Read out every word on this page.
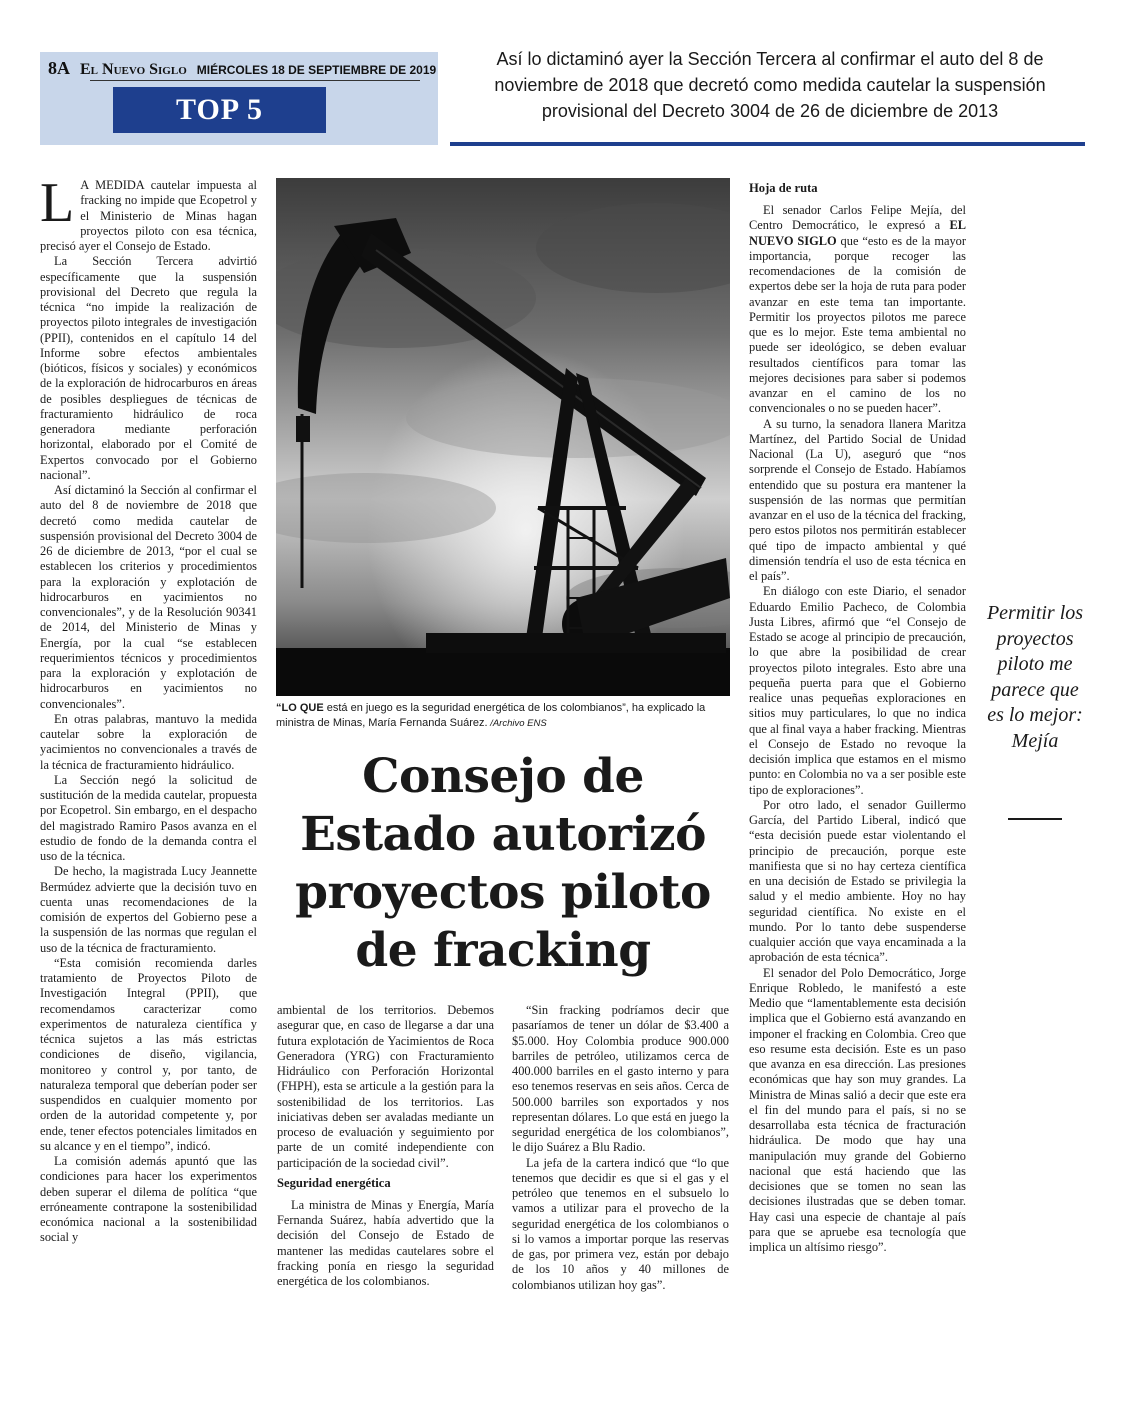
8A El Nuevo Siglo MIÉRCOLES 18 DE SEPTIEMBRE DE 2019
TOP 5
Así lo dictaminó ayer la Sección Tercera al confirmar el auto del 8 de noviembre de 2018 que decretó como medida cautelar la suspensión provisional del Decreto 3004 de 26 de diciembre de 2013

L A MEDIDA cautelar impuesta al fracking no impide que Ecopetrol y el Ministerio de Minas hagan proyectos piloto con esa técnica, precisó ayer el Consejo de Estado.

La Sección Tercera advirtió específicamente que la suspensión provisional del Decreto que regula la técnica “no impide la realización de proyectos piloto integrales de investigación (PPII), contenidos en el capítulo 14 del Informe sobre efectos ambientales (bióticos, físicos y sociales) y económicos de la exploración de hidrocarburos en áreas de posibles despliegues de técnicas de fracturamiento hidráulico de roca generadora mediante perforación horizontal, elaborado por el Comité de Expertos convocado por el Gobierno nacional”.

Así dictaminó la Sección al confirmar el auto del 8 de noviembre de 2018 que decretó como medida cautelar de suspensión provisional del Decreto 3004 de 26 de diciembre de 2013, “por el cual se establecen los criterios y procedimientos para la exploración y explotación de hidrocarburos en yacimientos no convencionales”, y de la Resolución 90341 de 2014, del Ministerio de Minas y Energía, por la cual “se establecen requerimientos técnicos y procedimientos para la exploración y explotación de hidrocarburos en yacimientos no convencionales”.

En otras palabras, mantuvo la medida cautelar sobre la exploración de yacimientos no convencionales a través de la técnica de fracturamiento hidráulico.

La Sección negó la solicitud de sustitución de la medida cautelar, propuesta por Ecopetrol. Sin embargo, en el despacho del magistrado Ramiro Pasos avanza en el estudio de fondo de la demanda contra el uso de la técnica.

De hecho, la magistrada Lucy Jeannette Bermúdez advierte que la decisión tuvo en cuenta unas recomendaciones de la comisión de expertos del Gobierno pese a la suspensión de las normas que regulan el uso de la técnica de fracturamiento.

“Esta comisión recomienda darles tratamiento de Proyectos Piloto de Investigación Integral (PPII), que recomendamos caracterizar como experimentos de naturaleza científica y técnica sujetos a las más estrictas condiciones de diseño, vigilancia, monitoreo y control y, por tanto, de naturaleza temporal que deberían poder ser suspendidos en cualquier momento por orden de la autoridad competente y, por ende, tener efectos potenciales limitados en su alcance y en el tiempo”, indicó.

La comisión además apuntó que las condiciones para hacer los experimentos deben superar el dilema de política “que erróneamente contrapone la sostenibilidad económica nacional a la sostenibilidad social y

“LO QUE está en juego es la seguridad energética de los colombianos”, ha explicado la ministra de Minas, María Fernanda Suárez. /Archivo ENS
Consejo de Estado autorizó proyectos piloto de fracking

ambiental de los territorios. Debemos asegurar que, en caso de llegarse a dar una futura explotación de Yacimientos de Roca Generadora (YRG) con Fracturamiento Hidráulico con Perforación Horizontal (FHPH), esta se articule a la gestión para la sostenibilidad de los territorios. Las iniciativas deben ser avaladas mediante un proceso de evaluación y seguimiento por parte de un comité independiente con participación de la sociedad civil”.

Seguridad energética

La ministra de Minas y Energía, María Fernanda Suárez, había advertido que la decisión del Consejo de Estado de mantener las medidas cautelares sobre el fracking ponía en riesgo la seguridad energética de los colombianos.

“Sin fracking podríamos decir que pasaríamos de tener un dólar de $3.400 a $5.000. Hoy Colombia produce 900.000 barriles de petróleo, utilizamos cerca de 400.000 barriles en el gasto interno y para eso tenemos reservas en seis años. Cerca de 500.000 barriles son exportados y nos representan dólares. Lo que está en juego la seguridad energética de los colombianos”, le dijo Suárez a Blu Radio.

La jefa de la cartera indicó que “lo que tenemos que decidir es que si el gas y el petróleo que tenemos en el subsuelo lo vamos a utilizar para el provecho de la seguridad energética de los colombianos o si lo vamos a importar porque las reservas de gas, por primera vez, están por debajo de los 10 años y 40 millones de colombianos utilizan hoy gas”.

Hoja de ruta

El senador Carlos Felipe Mejía, del Centro Democrático, le expresó a EL NUEVO SIGLO que “esto es de la mayor importancia, porque recoger las recomendaciones de la comisión de expertos debe ser la hoja de ruta para poder avanzar en este tema tan importante. Permitir los proyectos pilotos me parece que es lo mejor. Este tema ambiental no puede ser ideológico, se deben evaluar resultados científicos para tomar las mejores decisiones para saber si podemos avanzar en el camino de los no convencionales o no se pueden hacer”.

A su turno, la senadora llanera Maritza Martínez, del Partido Social de Unidad Nacional (La U), aseguró que “nos sorprende el Consejo de Estado. Habíamos entendido que su postura era mantener la suspensión de las normas que permitían avanzar en el uso de la técnica del fracking, pero estos pilotos nos permitirán establecer qué tipo de impacto ambiental y qué dimensión tendría el uso de esta técnica en el país”.

En diálogo con este Diario, el senador Eduardo Emilio Pacheco, de Colombia Justa Libres, afirmó que “el Consejo de Estado se acoge al principio de precaución, lo que abre la posibilidad de crear proyectos piloto integrales. Esto abre una pequeña puerta para que el Gobierno realice unas pequeñas exploraciones en sitios muy particulares, lo que no indica que al final vaya a haber fracking. Mientras el Consejo de Estado no revoque la decisión implica que estamos en el mismo punto: en Colombia no va a ser posible este tipo de exploraciones”.

Por otro lado, el senador Guillermo García, del Partido Liberal, indicó que “esta decisión puede estar violentando el principio de precaución, porque este manifiesta que si no hay certeza científica en una decisión de Estado se privilegia la salud y el medio ambiente. Hoy no hay seguridad científica. No existe en el mundo. Por lo tanto debe suspenderse cualquier acción que vaya encaminada a la aprobación de esta técnica”.

El senador del Polo Democrático, Jorge Enrique Robledo, le manifestó a este Medio que “lamentablemente esta decisión implica que el Gobierno está avanzando en imponer el fracking en Colombia. Creo que eso resume esta decisión. Este es un paso que avanza en esa dirección. Las presiones económicas que hay son muy grandes. La Ministra de Minas salió a decir que este era el fin del mundo para el país, si no se desarrollaba esta técnica de fracturación hidráulica. De modo que hay una manipulación muy grande del Gobierno nacional que está haciendo que las decisiones que se tomen no sean las decisiones ilustradas que se deben tomar. Hay casi una especie de chantaje al país para que se apruebe esa tecnología que implica un altísimo riesgo”.

Permitir los proyectos piloto me parece que es lo mejor: Mejía
